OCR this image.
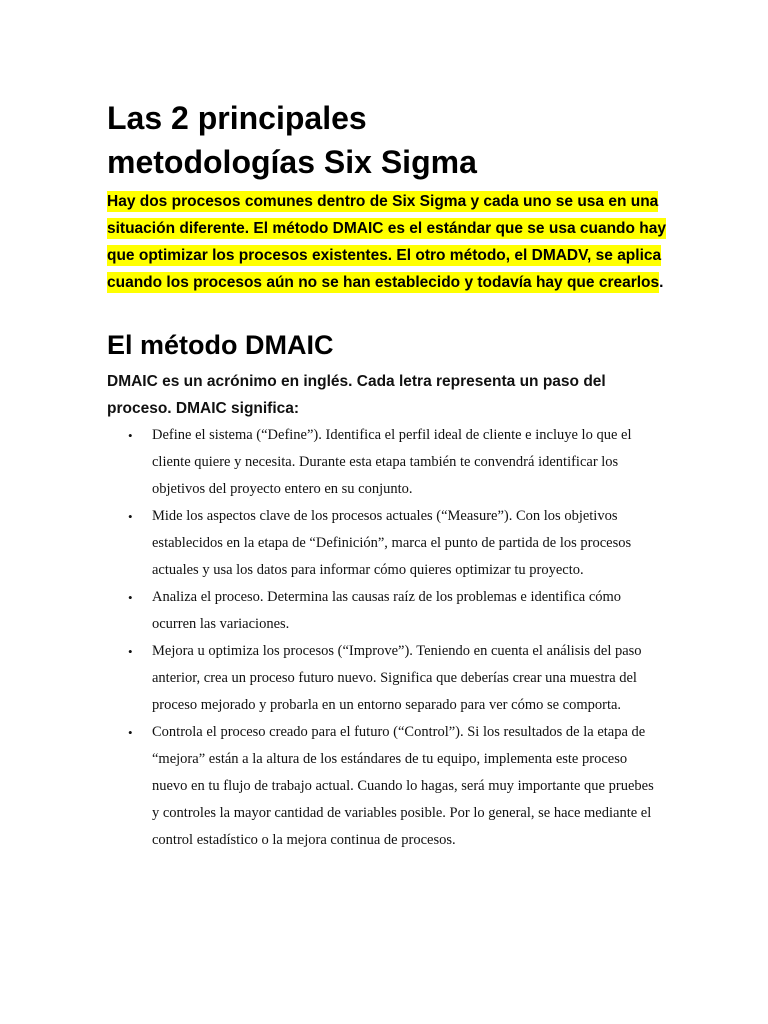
Las 2 principales
metodologías Six Sigma

Hay dos procesos comunes dentro de Six Sigma y cada uno se usa en una situación diferente. El método DMAIC es el estándar que se usa cuando hay que optimizar los procesos existentes. El otro método, el DMADV, se aplica cuando los procesos aún no se han establecido y todavía hay que crearlos.

El método DMAIC

DMAIC es un acrónimo en inglés. Cada letra representa un paso del proceso. DMAIC significa:

• Define el sistema (“Define”). Identifica el perfil ideal de cliente e incluye lo que el cliente quiere y necesita. Durante esta etapa también te convendrá identificar los objetivos del proyecto entero en su conjunto.
• Mide los aspectos clave de los procesos actuales (“Measure”). Con los objetivos establecidos en la etapa de “Definición”, marca el punto de partida de los procesos actuales y usa los datos para informar cómo quieres optimizar tu proyecto.
• Analiza el proceso. Determina las causas raíz de los problemas e identifica cómo ocurren las variaciones.
• Mejora u optimiza los procesos (“Improve”). Teniendo en cuenta el análisis del paso anterior, crea un proceso futuro nuevo. Significa que deberías crear una muestra del proceso mejorado y probarla en un entorno separado para ver cómo se comporta.
• Controla el proceso creado para el futuro (“Control”). Si los resultados de la etapa de “mejora” están a la altura de los estándares de tu equipo, implementa este proceso nuevo en tu flujo de trabajo actual. Cuando lo hagas, será muy importante que pruebes y controles la mayor cantidad de variables posible. Por lo general, se hace mediante el control estadístico o la mejora continua de procesos.
